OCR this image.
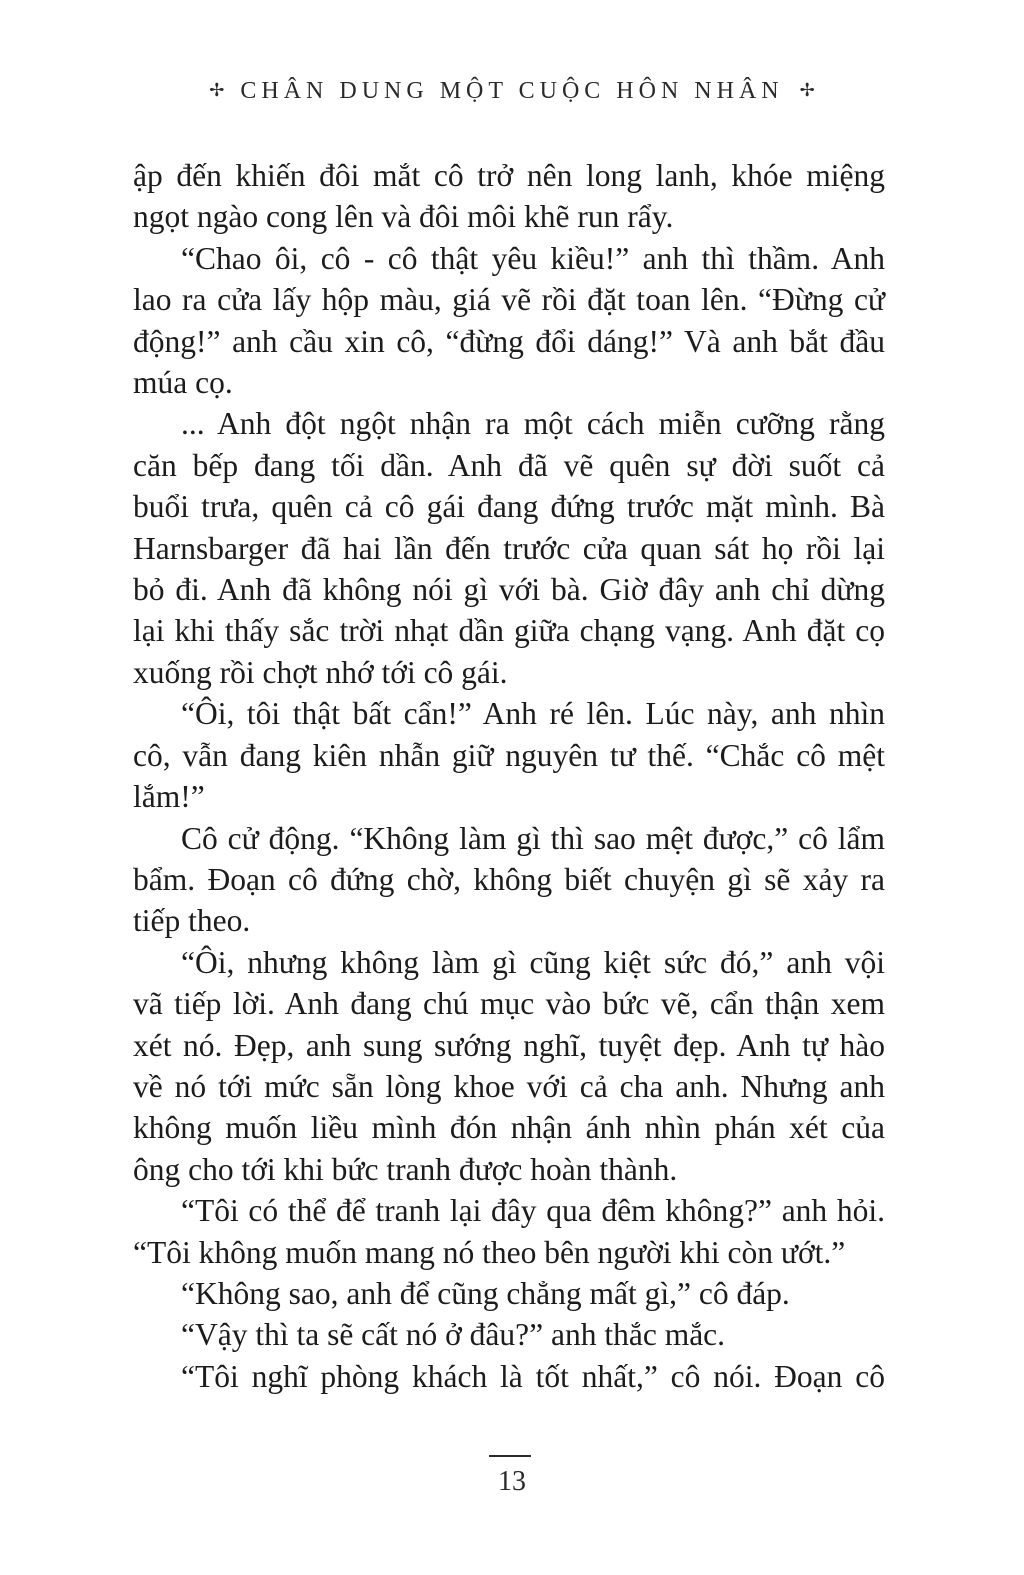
✢ CHÂN DUNG MỘT CUỘC HÔN NHÂN ✢

ập đến khiến đôi mắt cô trở nên long lanh, khóe miệng

ngọt ngào cong lên và đôi môi khẽ run rẩy.

“Chao ôi, cô - cô thật yêu kiều!” anh thì thầm. Anh

lao ra cửa lấy hộp màu, giá vẽ rồi đặt toan lên. “Đừng cử

động!” anh cầu xin cô, “đừng đổi dáng!” Và anh bắt đầu

múa cọ.

... Anh đột ngột nhận ra một cách miễn cưỡng rằng

căn bếp đang tối dần. Anh đã vẽ quên sự đời suốt cả

buổi trưa, quên cả cô gái đang đứng trước mặt mình. Bà

Harnsbarger đã hai lần đến trước cửa quan sát họ rồi lại

bỏ đi. Anh đã không nói gì với bà. Giờ đây anh chỉ dừng

lại khi thấy sắc trời nhạt dần giữa chạng vạng. Anh đặt cọ

xuống rồi chợt nhớ tới cô gái.

“Ôi, tôi thật bất cẩn!” Anh ré lên. Lúc này, anh nhìn

cô, vẫn đang kiên nhẫn giữ nguyên tư thế. “Chắc cô mệt

lắm!”

Cô cử động. “Không làm gì thì sao mệt được,” cô lẩm

bẩm. Đoạn cô đứng chờ, không biết chuyện gì sẽ xảy ra

tiếp theo.

“Ôi, nhưng không làm gì cũng kiệt sức đó,” anh vội

vã tiếp lời. Anh đang chú mục vào bức vẽ, cẩn thận xem

xét nó. Đẹp, anh sung sướng nghĩ, tuyệt đẹp. Anh tự hào

về nó tới mức sẵn lòng khoe với cả cha anh. Nhưng anh

không muốn liều mình đón nhận ánh nhìn phán xét của

ông cho tới khi bức tranh được hoàn thành.

“Tôi có thể để tranh lại đây qua đêm không?” anh hỏi.

“Tôi không muốn mang nó theo bên người khi còn ướt.”

“Không sao, anh để cũng chẳng mất gì,” cô đáp.

“Vậy thì ta sẽ cất nó ở đâu?” anh thắc mắc.

“Tôi nghĩ phòng khách là tốt nhất,” cô nói. Đoạn cô

13
